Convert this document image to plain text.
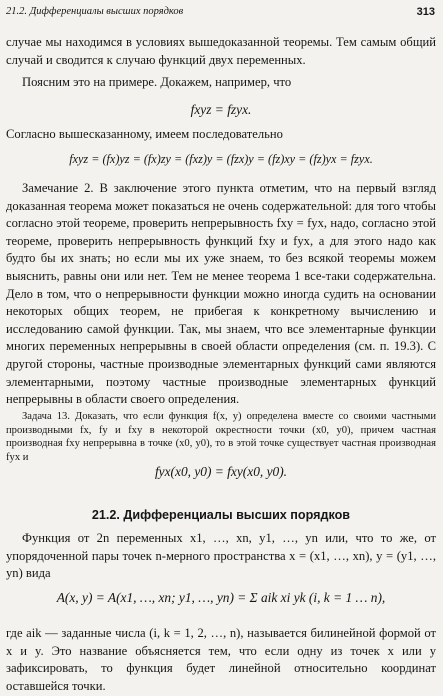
21.2. Дифференциалы высших порядков	313
случае мы находимся в условиях вышедоказанной теоремы. Тем самым общий случай и сводится к случаю функций двух переменных.
Поясним это на примере. Докажем, например, что
fxyz = fzyx.
Согласно вышесказанному, имеем последовательно
fxyz = (fx)yz = (fx)zy = (fxz)y = (fzx)y = (fz)xy = (fz)yx = fzyx.
Замечание 2. В заключение этого пункта отметим, что на первый взгляд доказанная теорема может показаться не очень содержательной: для того чтобы согласно этой теореме, проверить непрерывность fxy = fyx, надо, согласно этой теореме, проверить непрерывность функций fxy и fyx, а для этого надо как будто бы их знать; но если мы их уже знаем, то без всякой теоремы можем выяснить, равны они или нет. Тем не менее теорема 1 все-таки содержательна. Дело в том, что о непрерывности функции можно иногда судить на основании некоторых общих теорем, не прибегая к конкретному вычислению и исследованию самой функции. Так, мы знаем, что все элементарные функции многих переменных непрерывны в своей области определения (см. п. 19.3). С другой стороны, частные производные элементарных функций сами являются элементарными, поэтому частные производные элементарных функций непрерывны в области своего определения.
Задача 13. Доказать, что если функция f(x, y) определена вместе со своими частными производными fx, fy и fxy в некоторой окрестности точки (x0, y0), причем частная производная fxy непрерывна в точке (x0, y0), то в этой точке существует частная производная fyx и
fyx(x0, y0) = fxy(x0, y0).
21.2. Дифференциалы высших порядков
Функция от 2n переменных x1, …, xn, y1, …, yn или, что то же, от упорядоченной пары точек n-мерного пространства x = (x1, …, xn), y = (y1, …, yn) вида
A(x, y) = A(x1, …, xn; y1, …, yn) = Σ aik xi yk (i, k = 1 … n),
где aik — заданные числа (i, k = 1, 2, …, n), называется билинейной формой от x и y. Это название объясняется тем, что если одну из точек x или y зафиксировать, то функция будет линейной относительно координат оставшейся точки.
